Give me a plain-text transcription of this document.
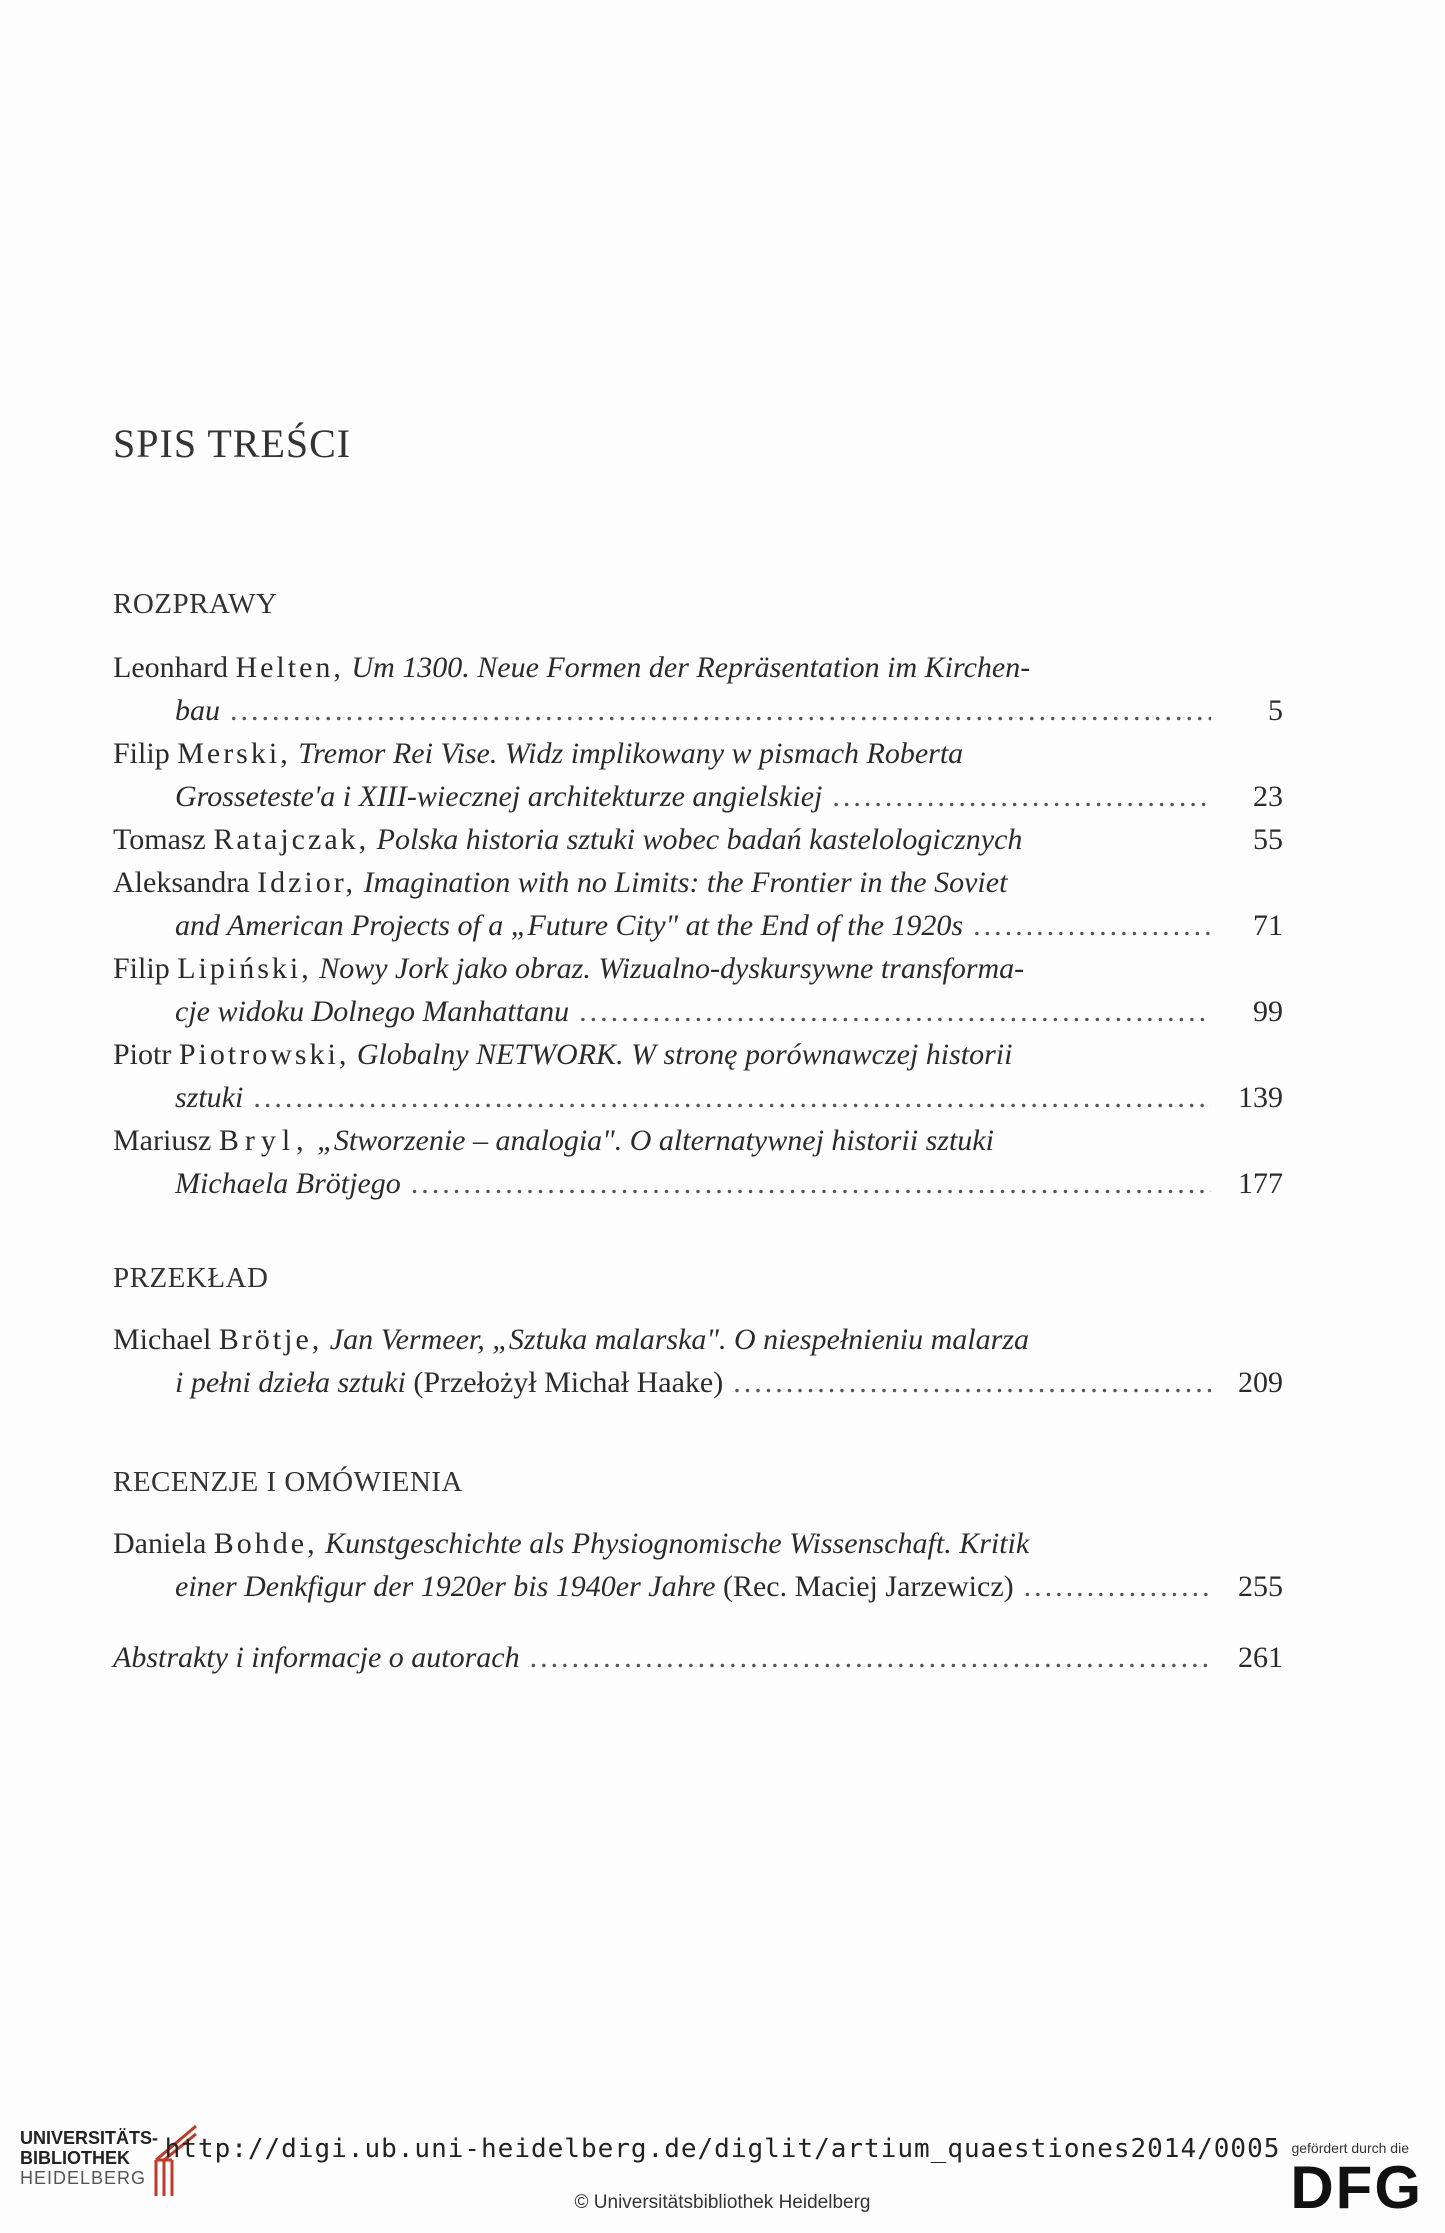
SPIS TREŚCI
ROZPRAWY
Leonhard Helten, Um 1300. Neue Formen der Repräsentation im Kirchen-
bau .....	5
Filip Merski, Tremor Rei Vise. Widz implikowany w pismach Roberta
Grosseteste'a i XIII-wiecznej architekturze angielskiej .....	23
Tomasz Ratajczak, Polska historia sztuki wobec badań kastelologicznych	55
Aleksandra Idzior, Imagination with no Limits: the Frontier in the Soviet
and American Projects of a „Future City" at the End of the 1920s .....	71
Filip Lipiński, Nowy Jork jako obraz. Wizualno-dyskursywne transforma-
cje widoku Dolnego Manhattanu .....	99
Piotr Piotrowski, Globalny NETWORK. W stronę porównawczej historii
sztuki .....	139
Mariusz Bryl, „Stworzenie – analogia". O alternatywnej historii sztuki
Michaela Brötjego .....	177
PRZEKŁAD
Michael Brötje, Jan Vermeer, „Sztuka malarska". O niespełnieniu malarza
i pełni dzieła sztuki
(Przełożył Michał Haake) .....	209
RECENZJE I OMÓWIENIA
Daniela Bohde, Kunstgeschichte als Physiognomische Wissenschaft. Kritik
einer Denkfigur der 1920er bis 1940er Jahre
(Rec. Maciej Jarzewicz) .....	255
Abstrakty i informacje o autorach .....	261
UNIVERSITÄTS-
BIBLIOTHEK
HEIDELBERG
http://digi.ub.uni-heidelberg.de/diglit/artium_quaestiones2014/0005
© Universitätsbibliothek Heidelberg
gefördert durch die
DFG
